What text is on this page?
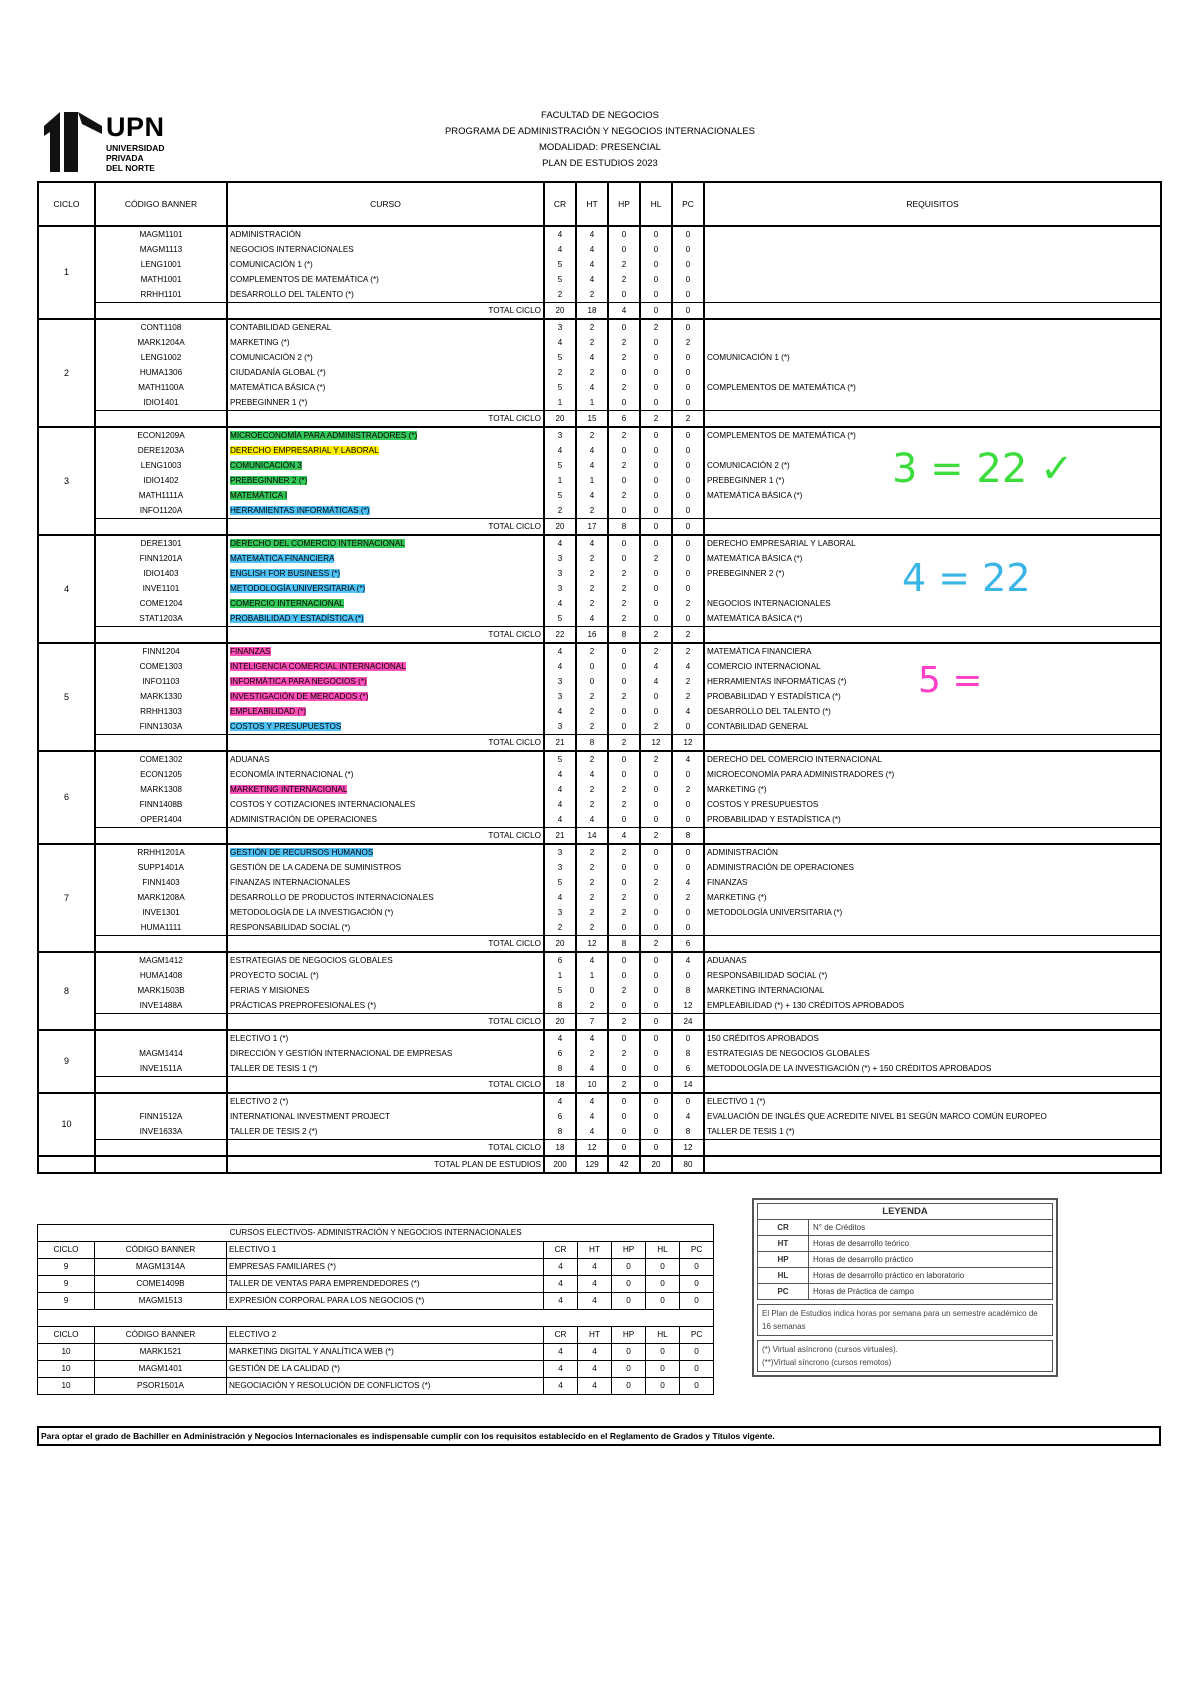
UPN
UNIVERSIDAD
PRIVADA
DEL NORTE
FACULTAD DE NEGOCIOS
PROGRAMA DE ADMINISTRACIÓN Y NEGOCIOS INTERNACIONALES
MODALIDAD: PRESENCIAL
PLAN DE ESTUDIOS 2023
CICLO	CÓDIGO BANNER	CURSO	CR	HT	HP	HL	PC	REQUISITOS
1	MAGM1101	ADMINISTRACIÓN	4	4	0	0	0	
	MAGM1113	NEGOCIOS INTERNACIONALES	4	4	0	0	0	
	LENG1001	COMUNICACIÓN 1 (*)	5	4	2	0	0	
	MATH1001	COMPLEMENTOS DE MATEMÁTICA (*)	5	4	2	0	0	
	RRHH1101	DESARROLLO DEL TALENTO (*)	2	2	0	0	0	
		TOTAL CICLO	20	18	4	0	0	
2	CONT1108	CONTABILIDAD GENERAL	3	2	0	2	0	
	MARK1204A	MARKETING (*)	4	2	2	0	2	
	LENG1002	COMUNICACIÓN 2 (*)	5	4	2	0	0	COMUNICACIÓN 1 (*)
	HUMA1306	CIUDADANÍA GLOBAL (*)	2	2	0	0	0	
	MATH1100A	MATEMÁTICA BÁSICA (*)	5	4	2	0	0	COMPLEMENTOS DE MATEMÁTICA (*)
	IDIO1401	PREBEGINNER 1 (*)	1	1	0	0	0	
		TOTAL CICLO	20	15	6	2	2	
3	ECON1209A	MICROECONOMÍA PARA ADMINISTRADORES (*)	3	2	2	0	0	COMPLEMENTOS DE MATEMÁTICA (*)
	DERE1203A	DERECHO EMPRESARIAL Y LABORAL	4	4	0	0	0	
	LENG1003	COMUNICACIÓN 3	5	4	2	0	0	COMUNICACIÓN 2 (*)
	IDIO1402	PREBEGINNER 2 (*)	1	1	0	0	0	PREBEGINNER 1 (*)
	MATH1111A	MATEMÁTICA I	5	4	2	0	0	MATEMÁTICA BÁSICA (*)
	INFO1120A	HERRAMIENTAS INFORMÁTICAS (*)	2	2	0	0	0	
		TOTAL CICLO	20	17	8	0	0	
4	DERE1301	DERECHO DEL COMERCIO INTERNACIONAL	4	4	0	0	0	DERECHO EMPRESARIAL Y LABORAL
	FINN1201A	MATEMÁTICA FINANCIERA	3	2	0	2	0	MATEMÁTICA BÁSICA (*)
	IDIO1403	ENGLISH FOR BUSINESS (*)	3	2	2	0	0	PREBEGINNER 2 (*)
	INVE1101	METODOLOGÍA UNIVERSITARIA (*)	3	2	2	0	0	
	COME1204	COMERCIO INTERNACIONAL	4	2	2	0	2	NEGOCIOS INTERNACIONALES
	STAT1203A	PROBABILIDAD Y ESTADÍSTICA (*)	5	4	2	0	0	MATEMÁTICA BÁSICA (*)
		TOTAL CICLO	22	16	8	2	2	
5	FINN1204	FINANZAS	4	2	0	2	2	MATEMÁTICA FINANCIERA
	COME1303	INTELIGENCIA COMERCIAL INTERNACIONAL	4	0	0	4	4	COMERCIO INTERNACIONAL
	INFO1103	INFORMÁTICA PARA NEGOCIOS (*)	3	0	0	4	2	HERRAMIENTAS INFORMÁTICAS (*)
	MARK1330	INVESTIGACIÓN DE MERCADOS (*)	3	2	2	0	2	PROBABILIDAD Y ESTADÍSTICA (*)
	RRHH1303	EMPLEABILIDAD (*)	4	2	0	0	4	DESARROLLO DEL TALENTO (*)
	FINN1303A	COSTOS Y PRESUPUESTOS	3	2	0	2	0	CONTABILIDAD GENERAL
		TOTAL CICLO	21	8	2	12	12	
6	COME1302	ADUANAS	5	2	0	2	4	DERECHO DEL COMERCIO INTERNACIONAL
	ECON1205	ECONOMÍA INTERNACIONAL (*)	4	4	0	0	0	MICROECONOMÍA PARA ADMINISTRADORES (*)
	MARK1308	MARKETING INTERNACIONAL	4	2	2	0	2	MARKETING (*)
	FINN1408B	COSTOS Y COTIZACIONES INTERNACIONALES	4	2	2	0	0	COSTOS Y PRESUPUESTOS
	OPER1404	ADMINISTRACIÓN DE OPERACIONES	4	4	0	0	0	PROBABILIDAD Y ESTADÍSTICA (*)
		TOTAL CICLO	21	14	4	2	8	
7	RRHH1201A	GESTIÓN DE RECURSOS HUMANOS	3	2	2	0	0	ADMINISTRACIÓN
	SUPP1401A	GESTIÓN DE LA CADENA DE SUMINISTROS	3	2	0	0	0	ADMINISTRACIÓN DE OPERACIONES
	FINN1403	FINANZAS INTERNACIONALES	5	2	0	2	4	FINANZAS
	MARK1208A	DESARROLLO DE PRODUCTOS INTERNACIONALES	4	2	2	0	2	MARKETING (*)
	INVE1301	METODOLOGÍA DE LA INVESTIGACIÓN (*)	3	2	2	0	0	METODOLOGÍA UNIVERSITARIA (*)
	HUMA1111	RESPONSABILIDAD SOCIAL (*)	2	2	0	0	0	
		TOTAL CICLO	20	12	8	2	6	
8	MAGM1412	ESTRATEGIAS DE NEGOCIOS GLOBALES	6	4	0	0	4	ADUANAS
	HUMA1408	PROYECTO SOCIAL (*)	1	1	0	0	0	RESPONSABILIDAD SOCIAL (*)
	MARK1503B	FERIAS Y MISIONES	5	0	2	0	8	MARKETING INTERNACIONAL
	INVE1488A	PRÁCTICAS PREPROFESIONALES (*)	8	2	0	0	12	EMPLEABILIDAD (*) + 130 CRÉDITOS APROBADOS
		TOTAL CICLO	20	7	2	0	24	
9		ELECTIVO 1 (*)	4	4	0	0	0	150 CRÉDITOS APROBADOS
	MAGM1414	DIRECCIÓN Y GESTIÓN INTERNACIONAL DE EMPRESAS	6	2	2	0	8	ESTRATEGIAS DE NEGOCIOS GLOBALES
	INVE1511A	TALLER DE TESIS 1 (*)	8	4	0	0	6	METODOLOGÍA DE LA INVESTIGACIÓN (*) + 150 CRÉDITOS APROBADOS
		TOTAL CICLO	18	10	2	0	14	
10		ELECTIVO 2 (*)	4	4	0	0	0	ELECTIVO 1 (*)
	FINN1512A	INTERNATIONAL INVESTMENT PROJECT	6	4	0	0	4	EVALUACIÓN DE INGLÉS QUE ACREDITE NIVEL B1 SEGÚN MARCO COMÚN EUROPEO
	INVE1633A	TALLER DE TESIS 2 (*)	8	4	0	0	8	TALLER DE TESIS 1 (*)
		TOTAL CICLO	18	12	0	0	12	
		TOTAL PLAN DE ESTUDIOS	200	129	42	20	80	
CURSOS ELECTIVOS- ADMINISTRACIÓN Y NEGOCIOS INTERNACIONALES							
CICLO	CÓDIGO BANNER	ELECTIVO 1	CR	HT	HP	HL	PC
9	MAGM1314A	EMPRESAS FAMILIARES (*)	4	4	0	0	0
9	COME1409B	TALLER DE VENTAS PARA EMPRENDEDORES (*)	4	4	0	0	0
9	MAGM1513	EXPRESIÓN CORPORAL PARA LOS NEGOCIOS (*)	4	4	0	0	0

CICLO	CÓDIGO BANNER	ELECTIVO 2	CR	HT	HP	HL	PC
10	MARK1521	MARKETING DIGITAL Y ANALÍTICA WEB (*)	4	4	0	0	0
10	MAGM1401	GESTIÓN DE LA CALIDAD (*)	4	4	0	0	0
10	PSOR1501A	NEGOCIACIÓN Y RESOLUCIÓN DE CONFLICTOS (*)	4	4	0	0	0
LEYENDA	
CR	N° de Créditos
HT	Horas de desarrollo teórico
HP	Horas de desarrollo práctico
HL	Horas de desarrollo práctico en laboratorio
PC	Horas de Práctica de campo
El Plan de Estudios indica horas por semana para un semestre académico de 16 semanas
(*) Virtual asíncrono (cursos virtuales).
(**)Virtual síncrono (cursos remotos)
Para optar el grado de Bachiller en Administración y Negocios Internacionales es indispensable cumplir con los requisitos establecido en el Reglamento de Grados y Títulos vigente.
3 = 22 ✓
4 = 22
5 =
